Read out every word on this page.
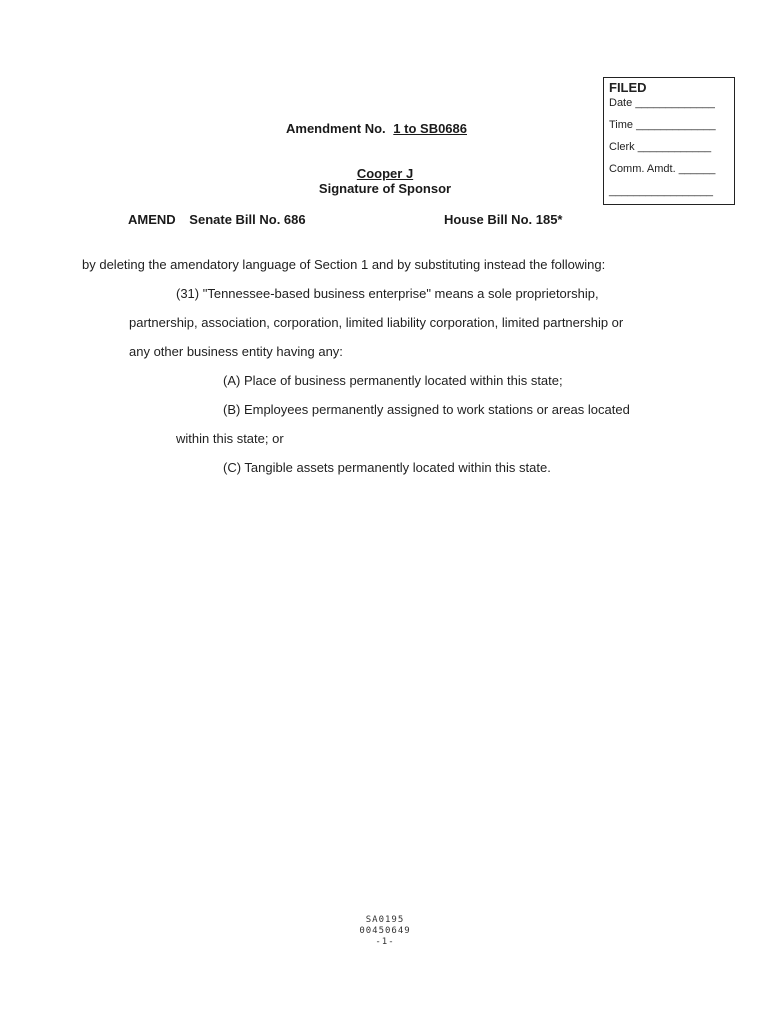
FILED
Date _____________
Time _____________
Clerk ____________
Comm. Amdt. ______
_________________
Amendment No. 1 to SB0686
Cooper J
Signature of Sponsor
AMEND Senate Bill No. 686	House Bill No. 185*
by deleting the amendatory language of Section 1 and by substituting instead the following:
(31) "Tennessee-based business enterprise" means a sole proprietorship,
partnership, association, corporation, limited liability corporation, limited partnership or
any other business entity having any:
(A) Place of business permanently located within this state;
(B) Employees permanently assigned to work stations or areas located
within this state; or
(C) Tangible assets permanently located within this state.
SA0195
00450649
-1-
